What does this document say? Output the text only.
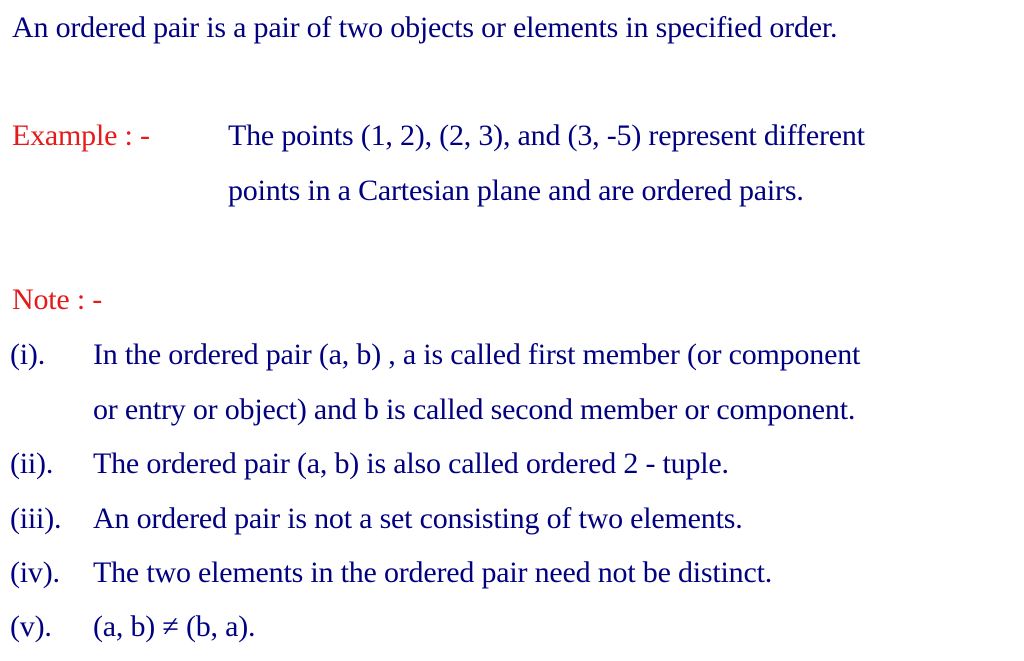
An ordered pair is a pair of two objects or elements in specified order.
Example : -	The points (1, 2), (2, 3), and (3, -5) represent different
points in a Cartesian plane and are ordered pairs.
Note : -
(i). In the ordered pair (a, b) , a is called first member (or component
or entry or object) and b is called second member or component.
(ii). The ordered pair (a, b) is also called ordered 2 - tuple.
(iii). An ordered pair is not a set consisting of two elements.
(iv). The two elements in the ordered pair need not be distinct.
(v). (a, b) ≠ (b, a).
